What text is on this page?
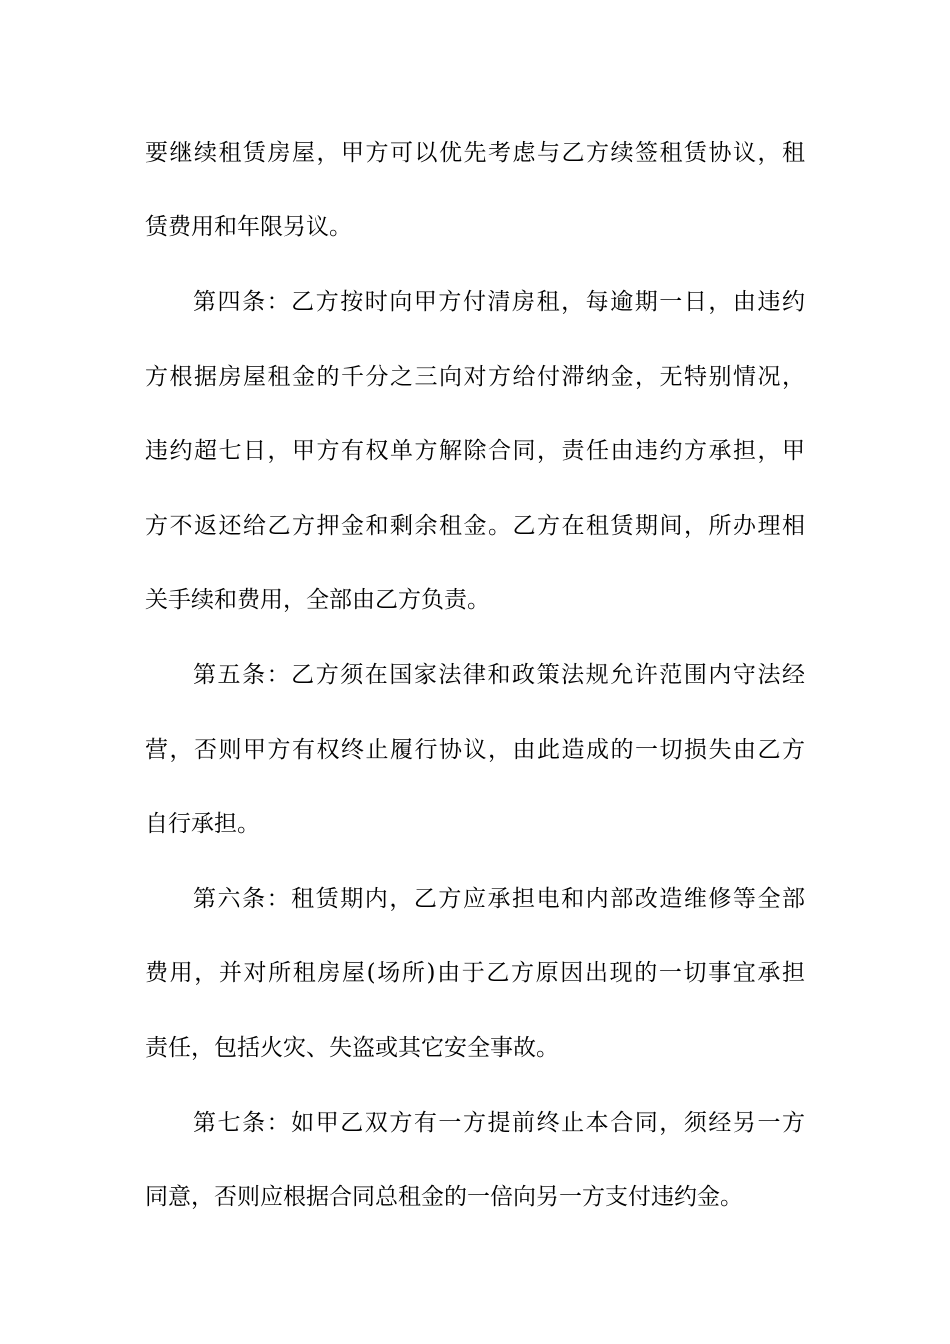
要继续租赁房屋，甲方可以优先考虑与乙方续签租赁协议，租
赁费用和年限另议。
第四条：乙方按时向甲方付清房租，每逾期一日，由违约
方根据房屋租金的千分之三向对方给付滞纳金，无特别情况，
违约超七日，甲方有权单方解除合同，责任由违约方承担，甲
方不返还给乙方押金和剩余租金。乙方在租赁期间，所办理相
关手续和费用，全部由乙方负责。
第五条：乙方须在国家法律和政策法规允许范围内守法经
营，否则甲方有权终止履行协议，由此造成的一切损失由乙方
自行承担。
第六条：租赁期内，乙方应承担电和内部改造维修等全部
费用，并对所租房屋(场所)由于乙方原因出现的一切事宜承担
责任，包括火灾、失盗或其它安全事故。
第七条：如甲乙双方有一方提前终止本合同，须经另一方
同意，否则应根据合同总租金的一倍向另一方支付违约金。
